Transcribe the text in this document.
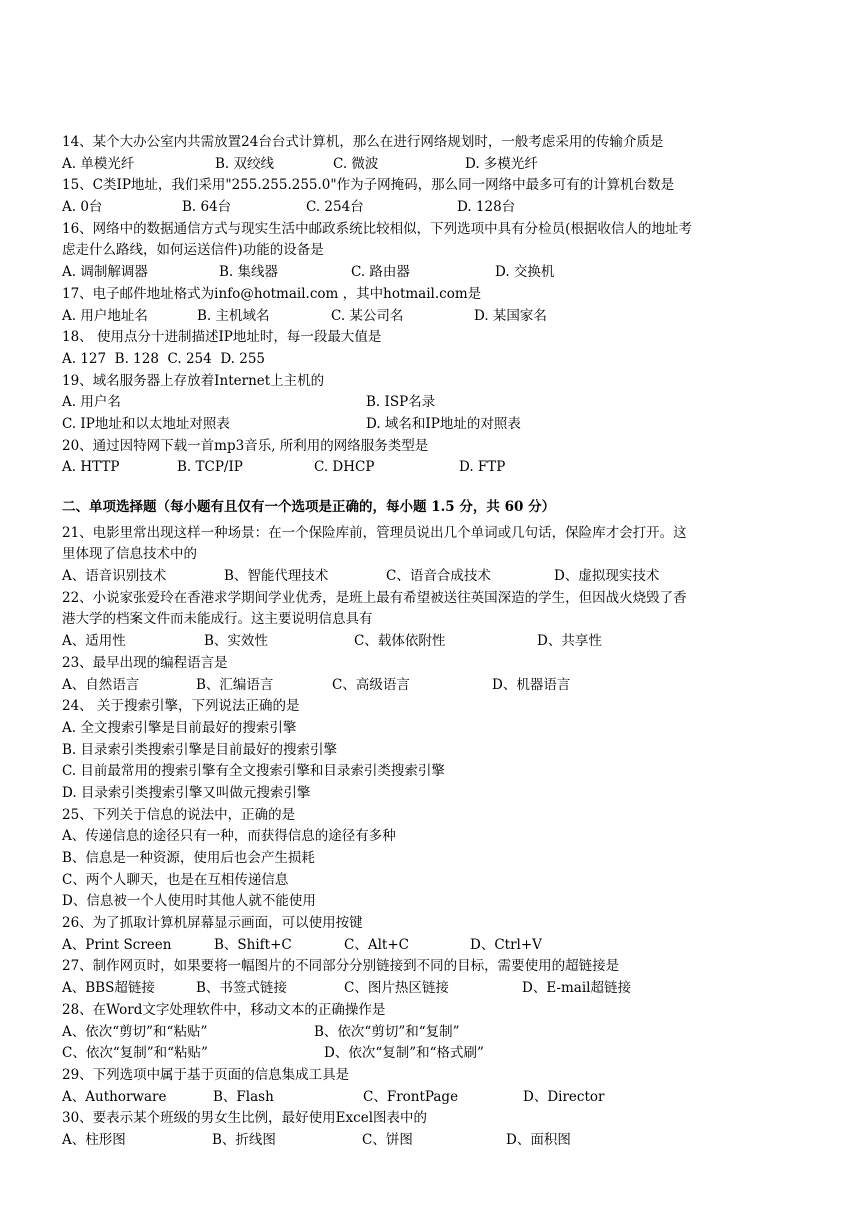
14、某个大办公室内共需放置24台台式计算机，那么在进行网络规划时，一般考虑采用的传输介质是
A. 单模光纤	B. 双绞线	C. 微波	D. 多模光纤
15、C类IP地址，我们采用"255.255.255.0"作为子网掩码，那么同一网络中最多可有的计算机台数是
A. 0台	B. 64台	C. 254台	D. 128台
16、网络中的数据通信方式与现实生活中邮政系统比较相似，下列选项中具有分检员(根据收信人的地址考
虑走什么路线，如何运送信件)功能的设备是
A. 调制解调器	B. 集线器	C. 路由器	D. 交换机
17、电子邮件地址格式为info@hotmail.com ，其中hotmail.com是
A. 用户地址名	B. 主机域名	C. 某公司名	D. 某国家名
18、 使用点分十进制描述IP地址时，每一段最大值是
A. 127  B. 128  C. 254  D. 255
19、域名服务器上存放着Internet上主机的
A. 用户名	B. ISP名录
C. IP地址和以太地址对照表	D. 域名和IP地址的对照表
20、通过因特网下载一首mp3音乐, 所利用的网络服务类型是
A. HTTP	B. TCP/IP	C. DHCP	D. FTP
二、单项选择题（每小题有且仅有一个选项是正确的，每小题 1.5 分，共 60 分）
21、电影里常出现这样一种场景：在一个保险库前，管理员说出几个单词或几句话，保险库才会打开。这
里体现了信息技术中的
A、语音识别技术	B、智能代理技术	C、语音合成技术	D、虚拟现实技术
22、小说家张爱玲在香港求学期间学业优秀，是班上最有希望被送往英国深造的学生，但因战火烧毁了香
港大学的档案文件而未能成行。这主要说明信息具有
A、适用性	B、实效性	C、载体依附性	D、共享性
23、最早出现的编程语言是
A、自然语言	B、汇编语言	C、高级语言	D、机器语言
24、 关于搜索引擎，下列说法正确的是
A. 全文搜索引擎是目前最好的搜索引擎
B. 目录索引类搜索引擎是目前最好的搜索引擎
C. 目前最常用的搜索引擎有全文搜索引擎和目录索引类搜索引擎
D. 目录索引类搜索引擎又叫做元搜索引擎
25、下列关于信息的说法中，正确的是
A、传递信息的途径只有一种，而获得信息的途径有多种
B、信息是一种资源，使用后也会产生损耗
C、两个人聊天，也是在互相传递信息
D、信息被一个人使用时其他人就不能使用
26、为了抓取计算机屏幕显示画面，可以使用按键
A、Print Screen	B、Shift+C	C、Alt+C	D、Ctrl+V
27、制作网页时，如果要将一幅图片的不同部分分别链接到不同的目标，需要使用的超链接是
A、BBS超链接	B、书签式链接	C、图片热区链接	D、E-mail超链接
28、在Word文字处理软件中，移动文本的正确操作是
A、依次“剪切”和“粘贴”	B、依次“剪切”和“复制”
C、依次“复制”和“粘贴”	D、依次“复制”和“格式刷”
29、下列选项中属于基于页面的信息集成工具是
A、Authorware	B、Flash	C、FrontPage	D、Director
30、要表示某个班级的男女生比例，最好使用Excel图表中的
A、柱形图	B、折线图	C、饼图	D、面积图
